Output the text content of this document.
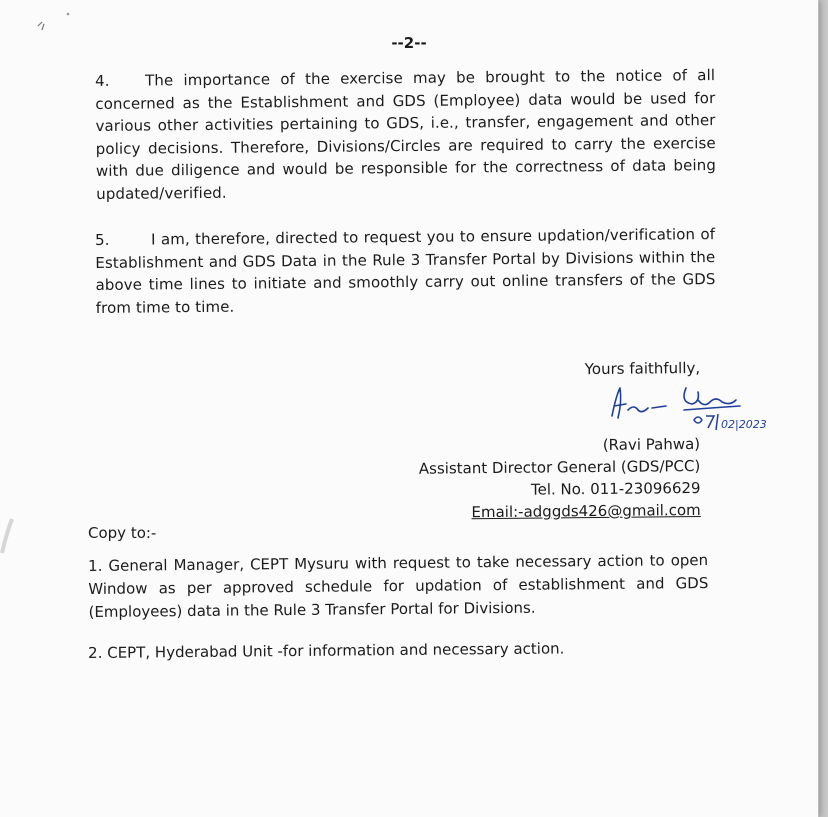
--2--
4. The importance of the exercise may be brought to the notice of all concerned as the Establishment and GDS (Employee) data would be used for various other activities pertaining to GDS, i.e., transfer, engagement and other policy decisions. Therefore, Divisions/Circles are required to carry the exercise with due diligence and would be responsible for the correctness of data being updated/verified.
5.	I am, therefore, directed to request you to ensure updation/verification of Establishment and GDS Data in the Rule 3 Transfer Portal by Divisions within the above time lines to initiate and smoothly carry out online transfers of the GDS from time to time.
Yours faithfully,
02|2023
(Ravi Pahwa)
Assistant Director General (GDS/PCC)
Tel. No. 011-23096629
Email:-adggds426@gmail.com
Copy to:-
1. General Manager, CEPT Mysuru with request to take necessary action to open Window as per approved schedule for updation of establishment and GDS (Employees) data in the Rule 3 Transfer Portal for Divisions.
2. CEPT, Hyderabad Unit -for information and necessary action.
